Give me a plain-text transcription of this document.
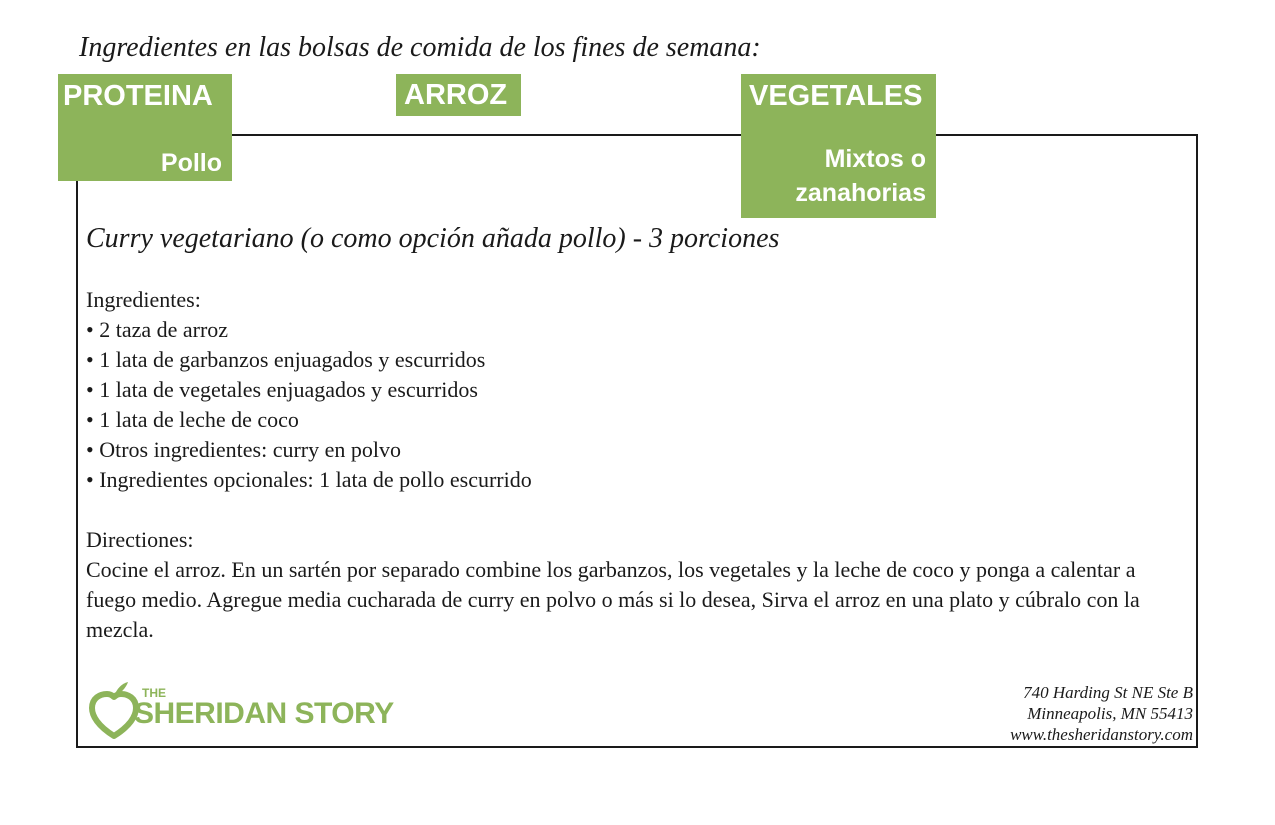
Ingredientes en las bolsas de comida de los fines de semana:
PROTEINA
Pollo
ARROZ	VEGETALES
Mixtos o
zanahorias
Curry vegetariano (o como opción añada pollo) - 3 porciones
Ingredientes:
• 2 taza de arroz
• 1 lata de garbanzos enjuagados y escurridos
• 1 lata de vegetales enjuagados y escurridos
• 1 lata de leche de coco
• Otros ingredientes: curry en polvo
• Ingredientes opcionales: 1 lata de pollo escurrido
Directiones:
Cocine el arroz. En un sartén por separado combine los garbanzos, los vegetales y la leche de coco y ponga a calentar a fuego medio. Agregue media cucharada de curry en polvo o más si lo desea, Sirva el arroz en una plato y cúbralo con la mezcla.
THE
SHERIDAN STORY
740 Harding St NE Ste B
Minneapolis, MN 55413
www.thesheridanstory.com
